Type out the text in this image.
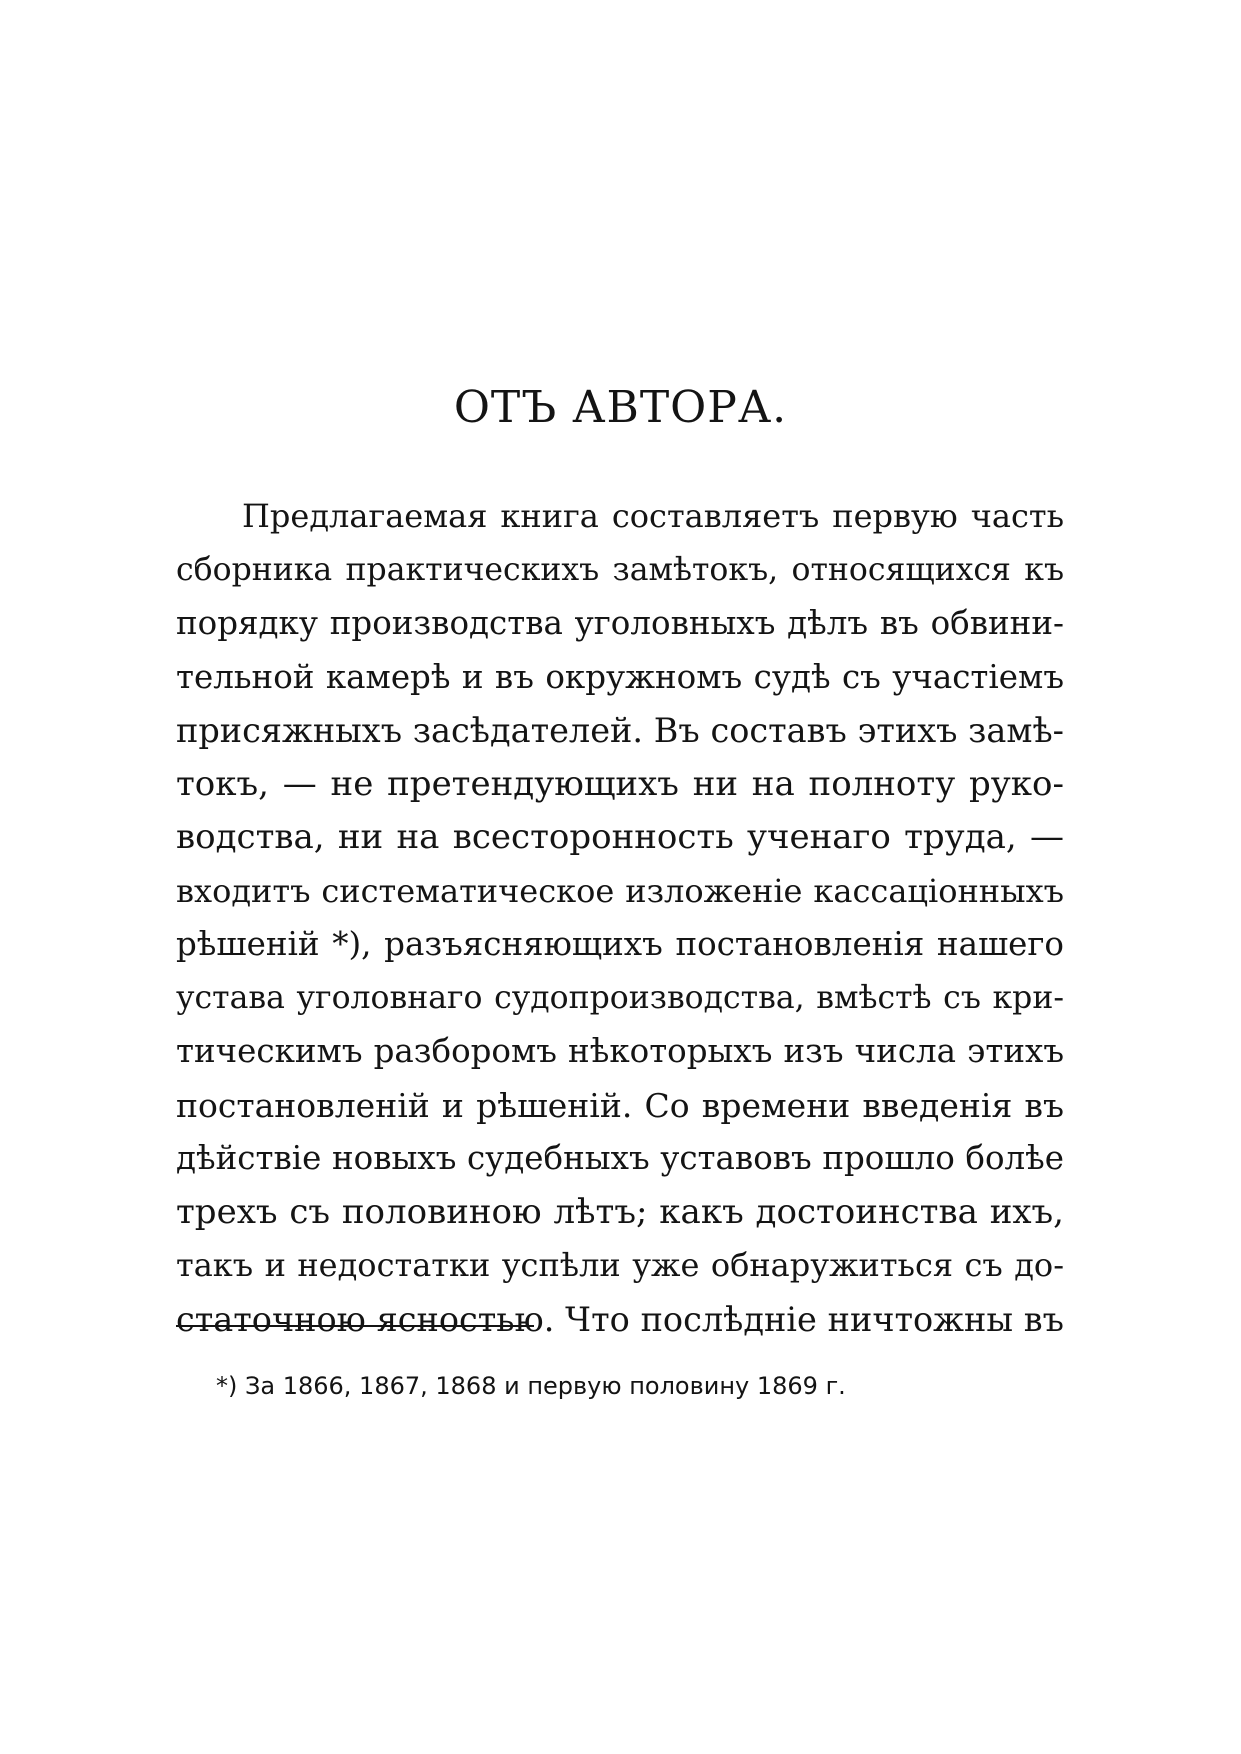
ОТЪ АВТОРА.
Предлагаемая книга составляетъ первую часть
сборника практическихъ замѣтокъ, относящихся къ
порядку производства уголовныхъ дѣлъ въ обвини-
тельной камерѣ и въ окружномъ судѣ съ участіемъ
присяжныхъ засѣдателей. Въ составъ этихъ замѣ-
токъ, — не претендующихъ ни на полноту руко-
водства, ни на всесторонность ученаго труда, —
входитъ систематическое изложеніе кассаціонныхъ
рѣшеній *), разъясняющихъ постановленія нашего
устава уголовнаго судопроизводства, вмѣстѣ съ кри-
тическимъ разборомъ нѣкоторыхъ изъ числа этихъ
постановленій и рѣшеній. Со времени введенія въ
дѣйствіе новыхъ судебныхъ уставовъ прошло болѣе
трехъ съ половиною лѣтъ; какъ достоинства ихъ,
такъ и недостатки успѣли уже обнаружиться съ до-
статочною ясностью. Что послѣдніе ничтожны въ

*) За 1866, 1867, 1868 и первую половину 1869 г.
